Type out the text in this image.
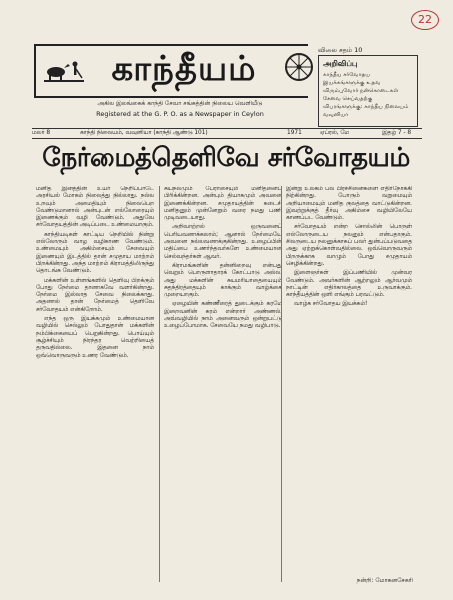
22
காந்தீயம்
அகில இலங்கைக் காந்தி சேவா சங்கத்தின் நிலைய வெளியீடு
Registered at the G. P. O. as a Newspaper in Ceylon
விலை சதம் 10
அறிவிப்பு
காந்தீய சர்வோதய இயக்கங்களுக்கு உதவ விரும்புவோர் நன்கொடைகள் சேவை செய்வதற்கு விபரங்களுக்கு: காந்தீய நிலையம் வவுனியா
மலர் 8	காந்தி நிலையம், வவுனியா (காந்தி ஆண்டு 101)	1971	ஏப்ரல், மே	இதழ் 7 - 8
நேர்மைத்தெளிவே சர்வோதயம்

மனித இனத்தின் உயர் நெறிப்பாடே அரசியல் மோகம் நிலைத்து நில்லாது. நல்ல உறவும் அமைதியும் நிலைபெற வேண்டுமானால் அன்புடன் எல்லோரையும் இணைக்கும் வழி வேண்டும். அதுவே சர்வோதயத்தின் அடிப்படை உண்மையாகும்.

காந்தியடிகள் காட்டிய நெறியில் நின்று எல்லோரும் வாழ வழிகாண வேண்டும். உண்மையும் அகிம்சையும் சேவையும் இணையும் இடத்தில் தான் சமுதாய மாற்றம் பிறக்கின்றது. அந்த மாற்றம் கிராமத்திலிருந்து தொடங்க வேண்டும்.

மக்களின் உள்ளங்களில் தெளிவு பிறக்கும் போது நேர்மை தானாகவே வளர்கின்றது. நேர்மை இல்லாத சேவை நிலைக்காது. அதனால் தான் நேர்மைத் தெளிவே சர்வோதயம் என்கிறோம்.

எந்த ஒரு இயக்கமும் உண்மையான வழியில் செல்லும் போதுதான் மக்களின் நம்பிக்கையைப் பெறுகின்றது. பொய்யும் சூழ்ச்சியும் நிரந்தர வெற்றியைத் தருவதில்லை. இதனை நாம் ஒவ்வொருவரும் உணர வேண்டும்.

சுயநலமும் பேராசையும் மனிதனைப் பிரிக்கின்றன. அன்பும் தியாகமும் அவனை இணைக்கின்றன. சமுதாயத்தின் கடைசி மனிதனும் முன்னேறும் வரை நமது பணி முடிவடையாது.

அறிவாற்றல் ஒருவனைப் பெரியவனாக்கலாம்; ஆனால் நேர்மையே அவனை நல்லவனாக்குகின்றது. உழைப்பின் மதிப்பை உணர்ந்தவர்களே உண்மையான செல்வந்தர்கள் ஆவர்.

கிராமங்களின் தன்னிறைவு என்பது வெறும் பொருளாதாரக் கோட்பாடு அல்ல. அது மக்களின் சுயமரியாதையையும் சுதந்திரத்தையும் காக்கும் வாழ்க்கை முறையாகும்.

ஏழையின் கண்ணீரைத் துடைக்கும் கரமே இறைவனின் கரம் என்றார் அண்ணல். அவ்வழியில் நாம் அனைவரும் ஒன்றுபட்டு உழைப்போமாக. சேவையே நமது வழிபாடு.

இன்று உலகம் பல பிரச்சினைகளை எதிர்நோக்கி நிற்கின்றது. போரும் வறுமையும் அறியாமையும் மனித குலத்தை வாட்டுகின்றன. இவற்றுக்குத் தீர்வு அகிம்சை வழியிலேயே காணப்பட வேண்டும்.

சர்வோதயம் என்ற சொல்லின் பொருள் எல்லோருடைய நலனும் என்பதாகும். சிலருடைய நலனுக்காகப் பலர் துன்பப்படுவதை அது ஏற்றுக்கொள்வதில்லை. ஒவ்வொருவரும் பிறருக்காக வாழும் போது சமுதாயம் செழிக்கின்றது.

இளைஞர்கள் இப்பணியில் முன்வர வேண்டும். அவர்களின் ஆற்றலும் ஆர்வமும் நாட்டின் எதிர்காலத்தை உருவாக்கும். காந்தீயத்தின் ஒளி எங்கும் பரவட்டும்.

வாழ்க சர்வோதய இயக்கம்!

நன்றி: மோகனசேகரி
